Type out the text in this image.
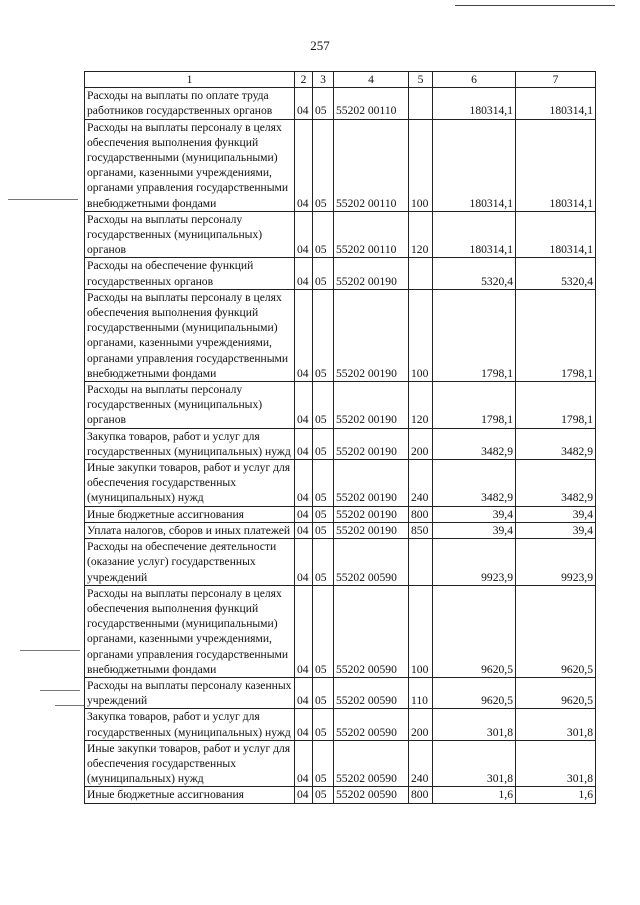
257
1	2	3	4	5	6	7
Расходы на выплаты по оплате труда работников государственных органов	04	05	55202 00110		180314,1	180314,1
Расходы на выплаты персоналу в целях обеспечения выполнения функций государственными (муниципальными) органами, казенными учреждениями, органами управления государственными внебюджетными фондами	04	05	55202 00110	100	180314,1	180314,1
Расходы на выплаты персоналу государственных (муниципальных) органов	04	05	55202 00110	120	180314,1	180314,1
Расходы на обеспечение функций государственных органов	04	05	55202 00190		5320,4	5320,4
Расходы на выплаты персоналу в целях обеспечения выполнения функций государственными (муниципальными) органами, казенными учреждениями, органами управления государственными внебюджетными фондами	04	05	55202 00190	100	1798,1	1798,1
Расходы на выплаты персоналу государственных (муниципальных) органов	04	05	55202 00190	120	1798,1	1798,1
Закупка товаров, работ и услуг для государственных (муниципальных) нужд	04	05	55202 00190	200	3482,9	3482,9
Иные закупки товаров, работ и услуг для обеспечения государственных (муниципальных) нужд	04	05	55202 00190	240	3482,9	3482,9
Иные бюджетные ассигнования	04	05	55202 00190	800	39,4	39,4
Уплата налогов, сборов и иных платежей	04	05	55202 00190	850	39,4	39,4
Расходы на обеспечение деятельности (оказание услуг) государственных учреждений	04	05	55202 00590		9923,9	9923,9
Расходы на выплаты персоналу в целях обеспечения выполнения функций государственными (муниципальными) органами, казенными учреждениями, органами управления государственными внебюджетными фондами	04	05	55202 00590	100	9620,5	9620,5
Расходы на выплаты персоналу казенных учреждений	04	05	55202 00590	110	9620,5	9620,5
Закупка товаров, работ и услуг для государственных (муниципальных) нужд	04	05	55202 00590	200	301,8	301,8
Иные закупки товаров, работ и услуг для обеспечения государственных (муниципальных) нужд	04	05	55202 00590	240	301,8	301,8
Иные бюджетные ассигнования	04	05	55202 00590	800	1,6	1,6
